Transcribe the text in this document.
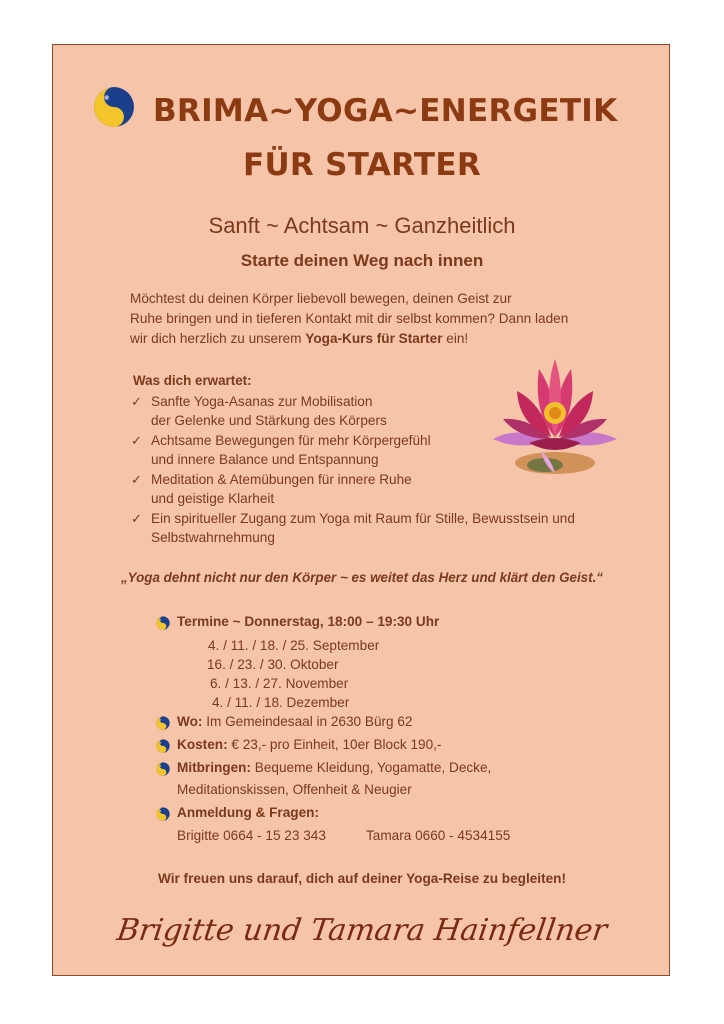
BRIMA~YOGA~ENERGETIK
FÜR STARTER
Sanft ~ Achtsam ~ Ganzheitlich
Starte deinen Weg nach innen
Möchtest du deinen Körper liebevoll bewegen, deinen Geist zur
Ruhe bringen und in tieferen Kontakt mit dir selbst kommen? Dann laden
wir dich herzlich zu unserem Yoga-Kurs für Starter ein!
Was dich erwartet:
✓ Sanfte Yoga-Asanas zur Mobilisation
der Gelenke und Stärkung des Körpers
✓ Achtsame Bewegungen für mehr Körpergefühl
und innere Balance und Entspannung
✓ Meditation & Atemübungen für innere Ruhe
und geistige Klarheit
✓ Ein spiritueller Zugang zum Yoga mit Raum für Stille, Bewusstsein und
Selbstwahrnehmung
„Yoga dehnt nicht nur den Körper ~ es weitet das Herz und klärt den Geist.“
Termine ~ Donnerstag, 18:00 – 19:30 Uhr
4. / 11. / 18. / 25. September
16. / 23. / 30. Oktober
6. / 13. / 27. November
4. / 11. / 18. Dezember
Wo: Im Gemeindesaal in 2630 Bürg 62
Kosten: € 23,- pro Einheit, 10er Block 190,-
Mitbringen: Bequeme Kleidung, Yogamatte, Decke,
Meditationskissen, Offenheit & Neugier
Anmeldung & Fragen:
Brigitte 0664 - 15 23 343	Tamara 0660 - 4534155
Wir freuen uns darauf, dich auf deiner Yoga-Reise zu begleiten!
Brigitte und Tamara Hainfellner
